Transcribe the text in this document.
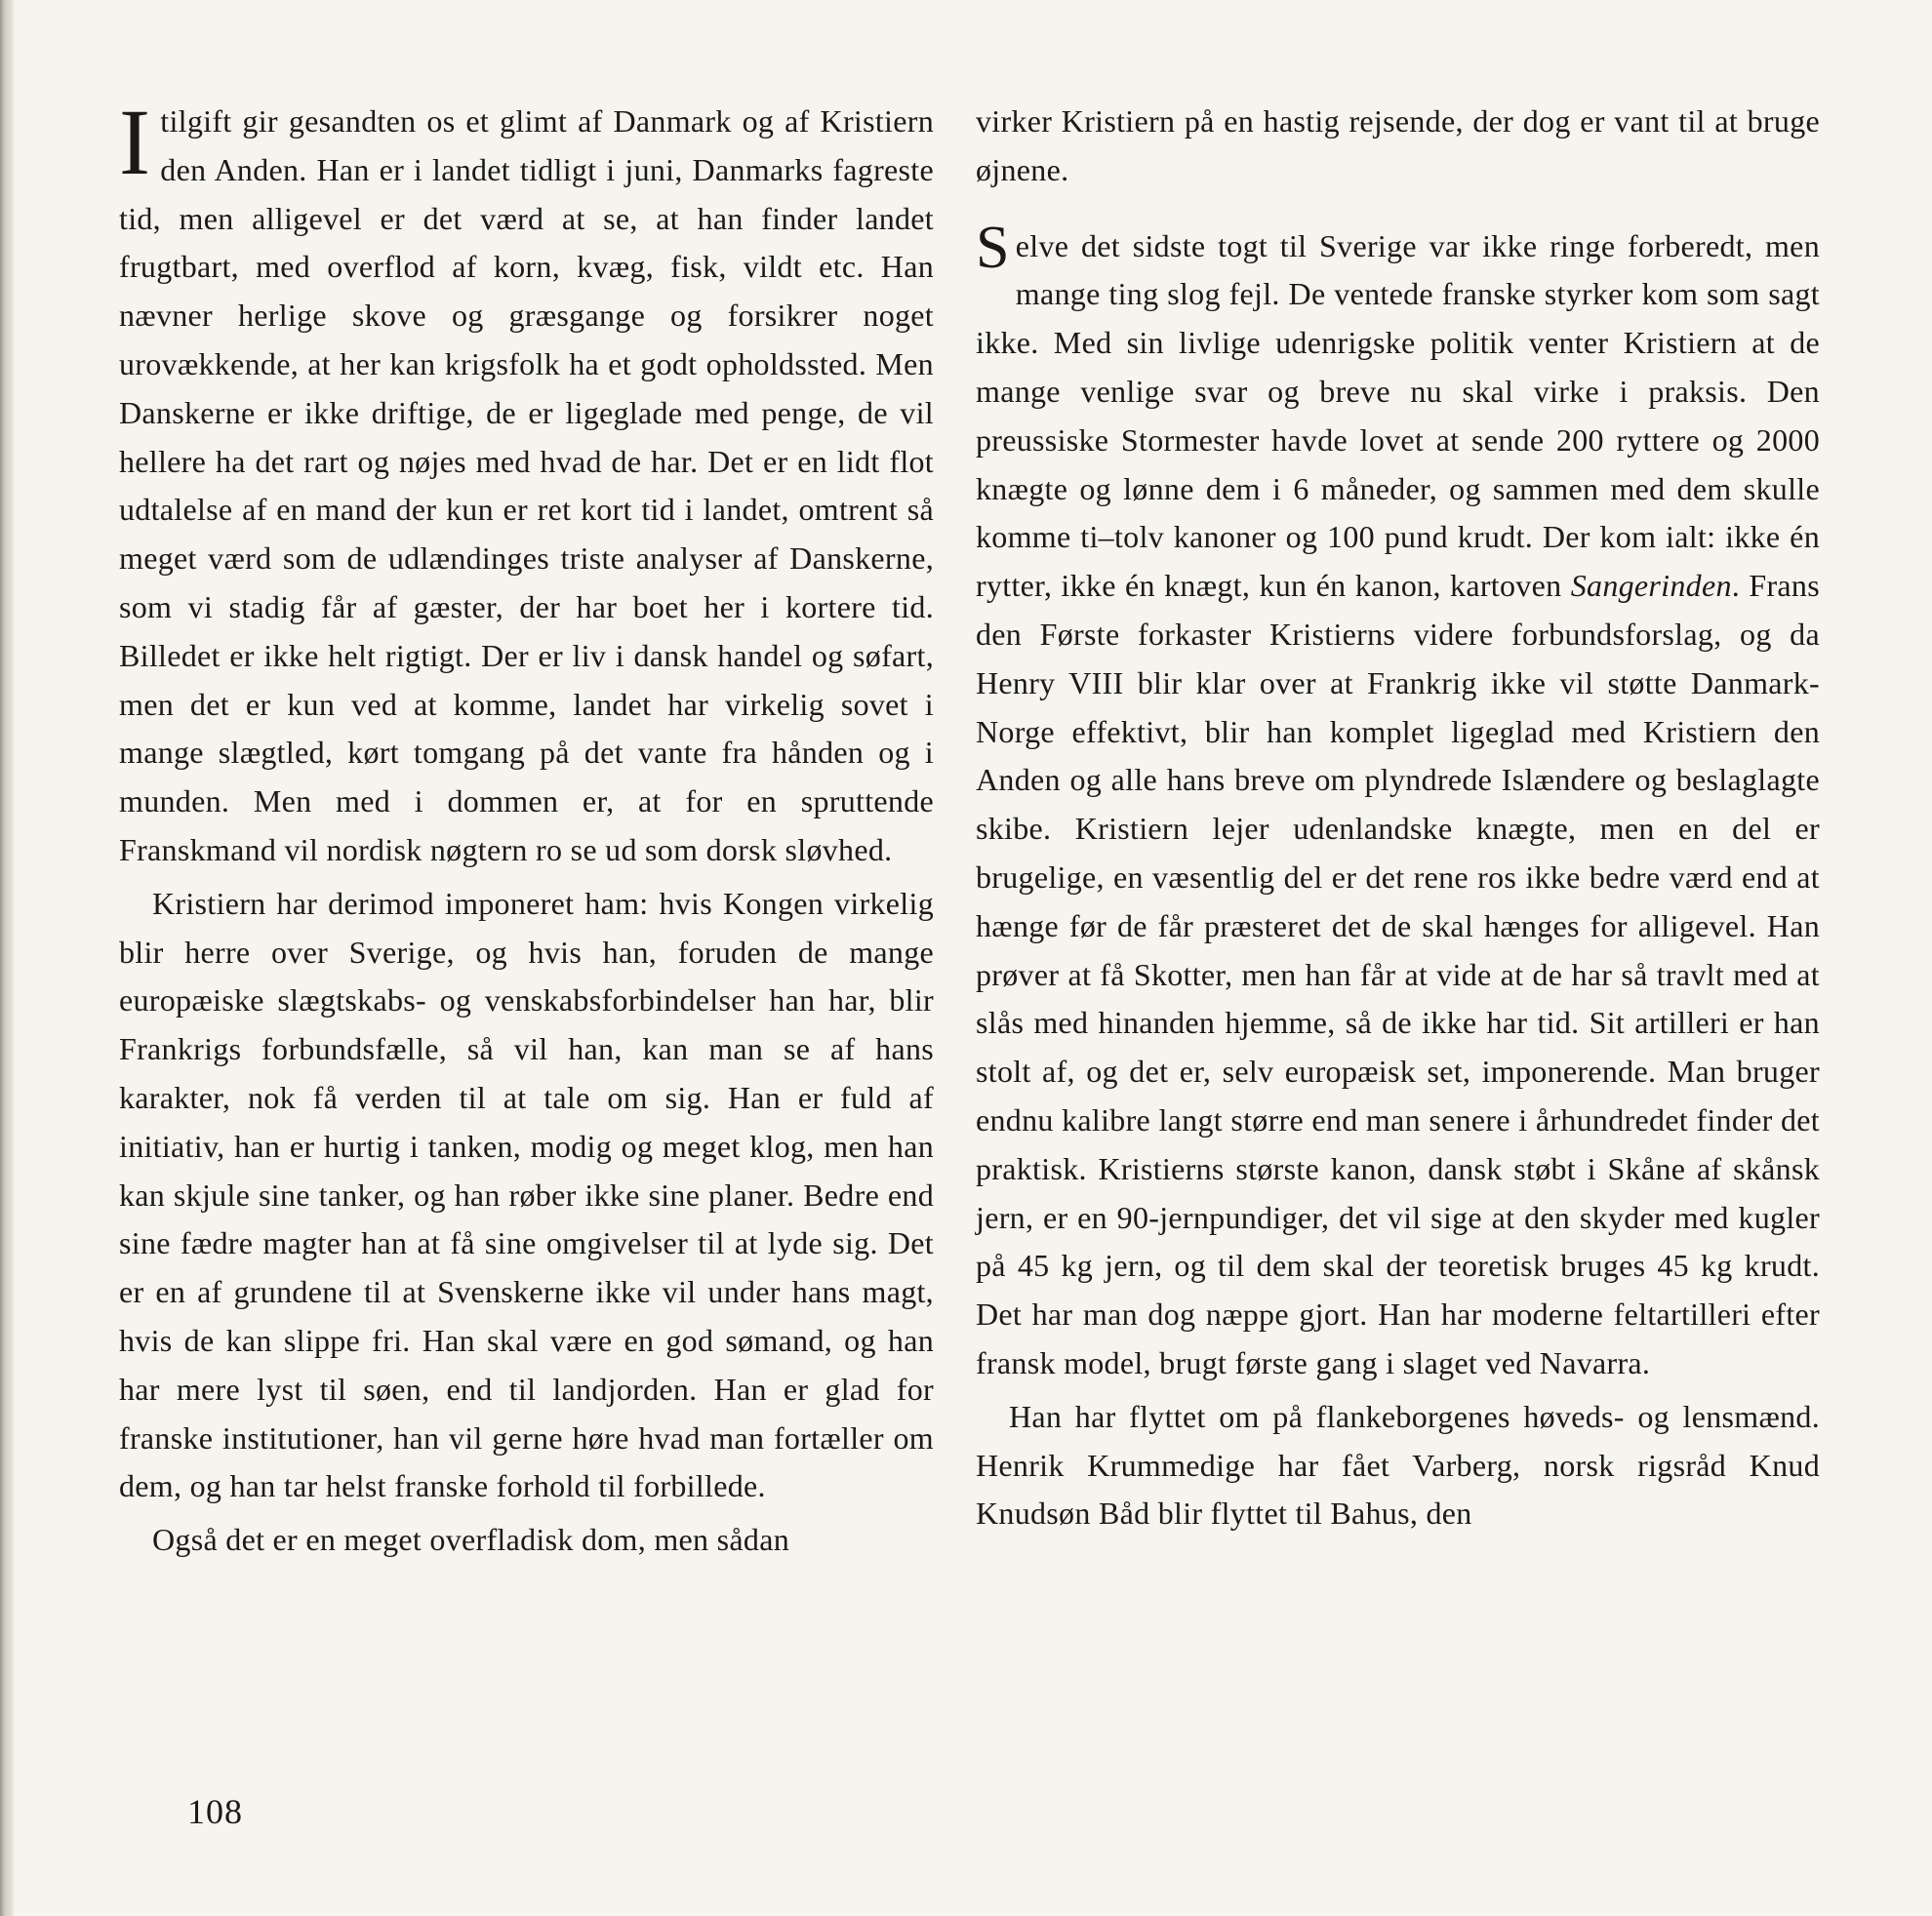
Itilgift gir gesandten os et glimt af Danmark og af Kristiern den Anden. Han er i landet tidligt i juni, Danmarks fagreste tid, men alligevel er det værd at se, at han finder landet frugtbart, med overflod af korn, kvæg, fisk, vildt etc. Han nævner herlige skove og græsgange og forsikrer noget urovækkende, at her kan krigsfolk ha et godt opholdssted. Men Danskerne er ikke driftige, de er ligeglade med penge, de vil hellere ha det rart og nøjes med hvad de har. Det er en lidt flot udtalelse af en mand der kun er ret kort tid i landet, omtrent så meget værd som de udlændinges triste analyser af Danskerne, som vi stadig får af gæster, der har boet her i kortere tid. Billedet er ikke helt rigtigt. Der er liv i dansk handel og søfart, men det er kun ved at komme, landet har virkelig sovet i mange slægtled, kørt tomgang på det vante fra hånden og i munden. Men med i dommen er, at for en spruttende Franskmand vil nordisk nøgtern ro se ud som dorsk sløvhed.

Kristiern har derimod imponeret ham: hvis Kongen virkelig blir herre over Sverige, og hvis han, foruden de mange europæiske slægtskabs- og venskabsforbindelser han har, blir Frankrigs forbundsfælle, så vil han, kan man se af hans karakter, nok få verden til at tale om sig. Han er fuld af initiativ, han er hurtig i tanken, modig og meget klog, men han kan skjule sine tanker, og han røber ikke sine planer. Bedre end sine fædre magter han at få sine omgivelser til at lyde sig. Det er en af grundene til at Svenskerne ikke vil under hans magt, hvis de kan slippe fri. Han skal være en god sømand, og han har mere lyst til søen, end til landjorden. Han er glad for franske institutioner, han vil gerne høre hvad man fortæller om dem, og han tar helst franske forhold til forbillede.

Også det er en meget overfladisk dom, men sådan

virker Kristiern på en hastig rejsende, der dog er vant til at bruge øjnene.

Selve det sidste togt til Sverige var ikke ringe forberedt, men mange ting slog fejl. De ventede franske styrker kom som sagt ikke. Med sin livlige udenrigske politik venter Kristiern at de mange venlige svar og breve nu skal virke i praksis. Den preussiske Stormester havde lovet at sende 200 ryttere og 2000 knægte og lønne dem i 6 måneder, og sammen med dem skulle komme ti–tolv kanoner og 100 pund krudt. Der kom ialt: ikke én rytter, ikke én knægt, kun én kanon, kartoven Sangerinden. Frans den Første forkaster Kristierns videre forbundsforslag, og da Henry VIII blir klar over at Frankrig ikke vil støtte Danmark-Norge effektivt, blir han komplet ligeglad med Kristiern den Anden og alle hans breve om plyndrede Islændere og beslaglagte skibe. Kristiern lejer udenlandske knægte, men en del er brugelige, en væsentlig del er det rene ros ikke bedre værd end at hænge før de får præsteret det de skal hænges for alligevel. Han prøver at få Skotter, men han får at vide at de har så travlt med at slås med hinanden hjemme, så de ikke har tid. Sit artilleri er han stolt af, og det er, selv europæisk set, imponerende. Man bruger endnu kalibre langt større end man senere i århundredet finder det praktisk. Kristierns største kanon, dansk støbt i Skåne af skånsk jern, er en 90-jernpundiger, det vil sige at den skyder med kugler på 45 kg jern, og til dem skal der teoretisk bruges 45 kg krudt. Det har man dog næppe gjort. Han har moderne feltartilleri efter fransk model, brugt første gang i slaget ved Navarra.

Han har flyttet om på flankeborgenes høveds- og lensmænd. Henrik Krummedige har fået Varberg, norsk rigsråd Knud Knudsøn Båd blir flyttet til Bahus, den

108
